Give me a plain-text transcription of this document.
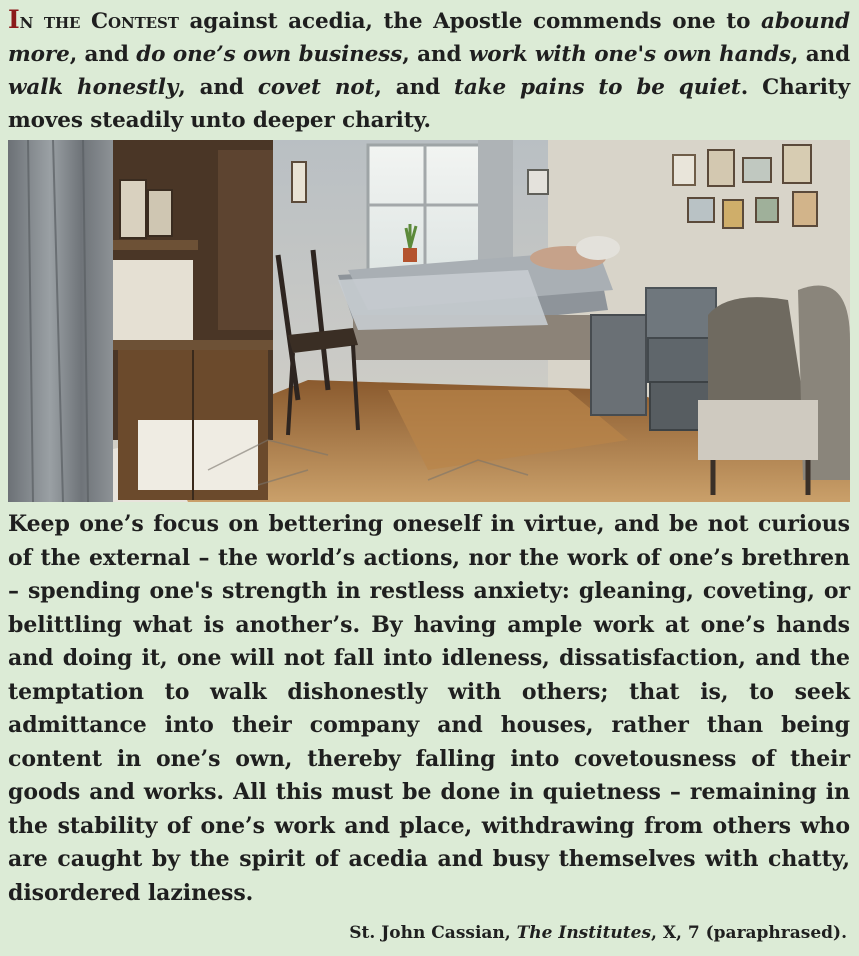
In the Contest against acedia, the Apostle commends one to abound more, and do one’s own business, and work with one's own hands, and walk honestly, and covet not, and take pains to be quiet. Charity moves steadily unto deeper charity.

Keep one’s focus on bettering oneself in virtue, and be not curious of the external – the world’s actions, nor the work of one’s brethren – spending one's strength in restless anxiety: gleaning, coveting, or belittling what is another’s. By having ample work at one’s hands and doing it, one will not fall into idleness, dissatisfaction, and the temptation to walk dishonestly with others; that is, to seek admittance into their company and houses, rather than being content in one’s own, thereby falling into covetousness of their goods and works. All this must be done in quietness – remaining in the stability of one’s work and place, withdrawing from others who are caught by the spirit of acedia and busy themselves with chatty, disordered laziness.

St. John Cassian, The Institutes, X, 7 (paraphrased).
